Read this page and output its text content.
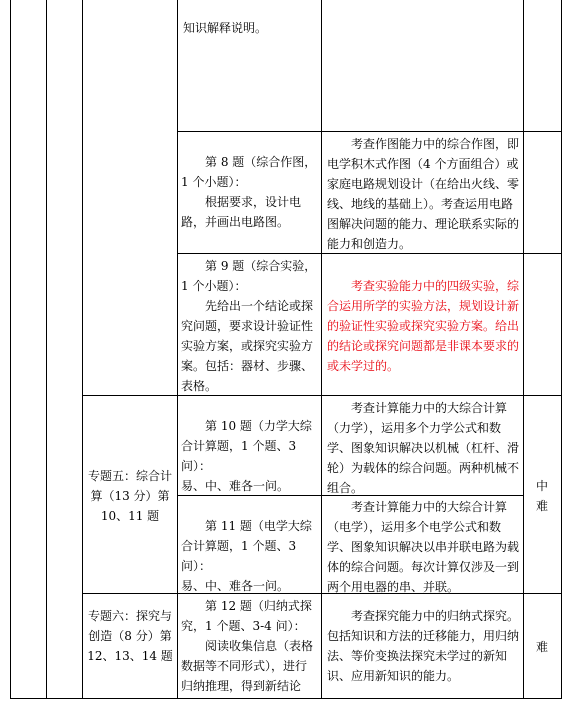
知识解释说明。

第 8 题（综合作图，1 个小题）：

根据要求，设计电路，并画出电路图。

考查作图能力中的综合作图，即电学积木式作图（4 个方面组合）或家庭电路规划设计（在给出火线、零线、地线的基础上）。考查运用电路图解决问题的能力、理论联系实际的能力和创造力。

第 9 题（综合实验，1 个小题）：

先给出一个结论或探究问题，要求设计验证性实验方案，或探究实验方案。包括：器材、步骤、表格。

考查实验能力中的四级实验，综合运用所学的实验方法，规划设计新的验证性实验或探究实验方案。给出的结论或探究问题都是非课本要求的或未学过的。

专题五：综合计算（13 分）第 10、11 题

中难

第 10 题（力学大综合计算题，1 个题、3 问）：

易、中、难各一问。

考查计算能力中的大综合计算（力学），运用多个力学公式和数学、图象知识解决以机械（杠杆、滑轮）为载体的综合问题。两种机械不组合。

第 11 题（电学大综合计算题，1 个题、3 问）：

易、中、难各一问。

考查计算能力中的大综合计算（电学），运用多个电学公式和数学、图象知识解决以串并联电路为载体的综合问题。每次计算仅涉及一到两个用电器的串、并联。

专题六：探究与创造（8 分）第 12、13、14 题

难

第 12 题（归纳式探究，1 个题、3-4 问）：

阅读收集信息（表格数据等不同形式），进行归纳推理，得到新结论

考查探究能力中的归纳式探究。包括知识和方法的迁移能力，用归纳法、等价变换法探究未学过的新知识、应用新知识的能力。
